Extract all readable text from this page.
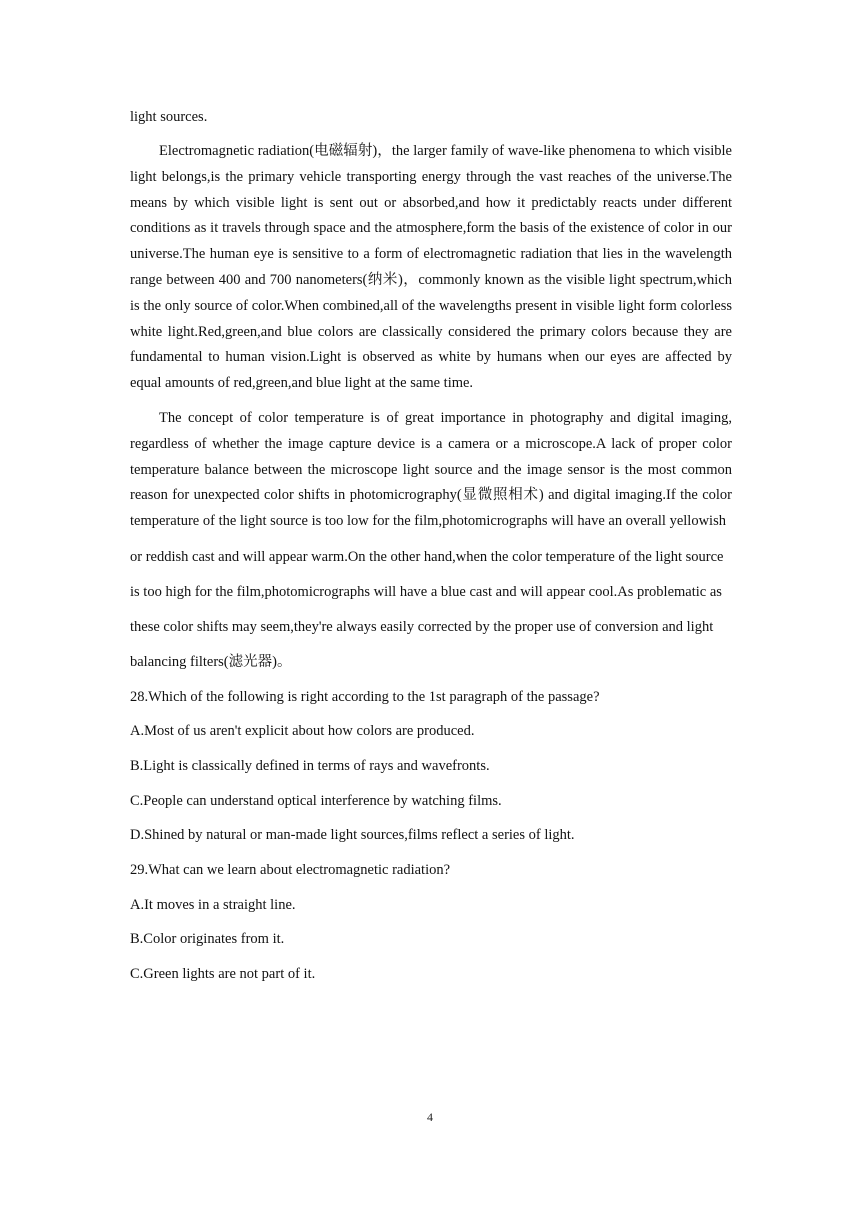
light sources.

Electromagnetic radiation(电磁辐射)，the larger family of wave-like phenomena to which visible light belongs,is the primary vehicle transporting energy through the vast reaches of the universe.The means by which visible light is sent out or absorbed,and how it predictably reacts under different conditions as it travels through space and the atmosphere,form the basis of the existence of color in our universe.The human eye is sensitive to a form of electromagnetic radiation that lies in the wavelength range between 400 and 700 nanometers(纳米)，commonly known as the visible light spectrum,which is the only source of color.When combined,all of the wavelengths present in visible light form colorless white light.Red,green,and blue colors are classically considered the primary colors because they are fundamental to human vision.Light is observed as white by humans when our eyes are affected by equal amounts of red,green,and blue light at the same time.

The concept of color temperature is of great importance in photography and digital imaging, regardless of whether the image capture device is a camera or a microscope.A lack of proper color temperature balance between the microscope light source and the image sensor is the most common reason for unexpected color shifts in photomicrography(显微照相术) and digital imaging.If the color temperature of the light source is too low for the film,photomicrographs will have an overall yellowish

or reddish cast and will appear warm.On the other hand,when the color temperature of the light source

is too high for the film,photomicrographs will have a blue cast and will appear cool.As problematic as

these color shifts may seem,they're always easily corrected by the proper use of conversion and light

balancing filters(滤光器)。

28.Which of the following is right according to the 1st paragraph of the passage?

A.Most of us aren't explicit about how colors are produced.

B.Light is classically defined in terms of rays and wavefronts.

C.People can understand optical interference by watching films.

D.Shined by natural or man-made light sources,films reflect a series of light.

29.What can we learn about electromagnetic radiation?

A.It moves in a straight line.

B.Color originates from it.

C.Green lights are not part of it.

4
